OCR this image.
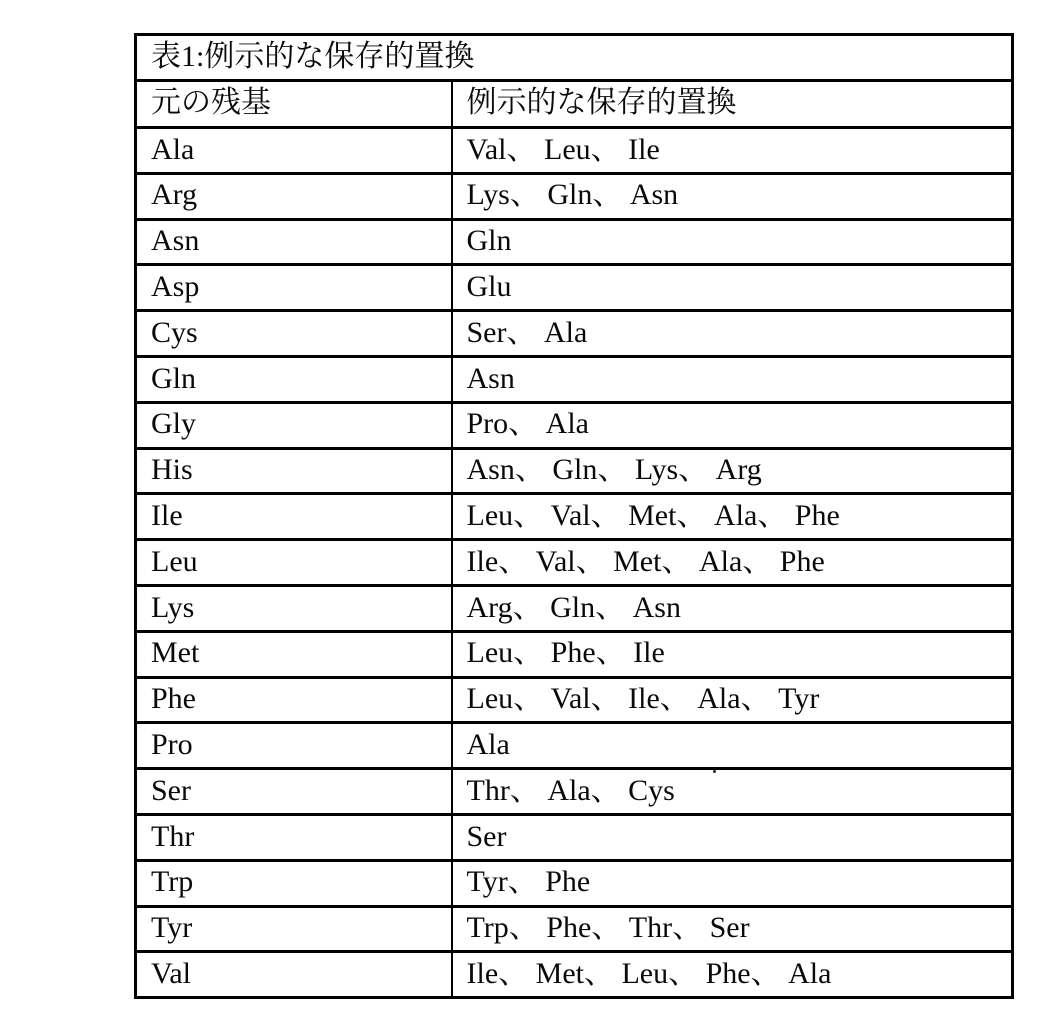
表1:例示的な保存的置換	
元の残基	例示的な保存的置換
Ala	Val、 Leu、 Ile
Arg	Lys、 Gln、 Asn
Asn	Gln
Asp	Glu
Cys	Ser、 Ala
Gln	Asn
Gly	Pro、 Ala
His	Asn、 Gln、 Lys、 Arg
Ile	Leu、 Val、 Met、 Ala、 Phe
Leu	Ile、 Val、 Met、 Ala、 Phe
Lys	Arg、 Gln、 Asn
Met	Leu、 Phe、 Ile
Phe	Leu、 Val、 Ile、 Ala、 Tyr
Pro	Ala
Ser	Thr、 Ala、 Cys
Thr	Ser
Trp	Tyr、 Phe
Tyr	Trp、 Phe、 Thr、 Ser
Val	Ile、 Met、 Leu、 Phe、 Ala
